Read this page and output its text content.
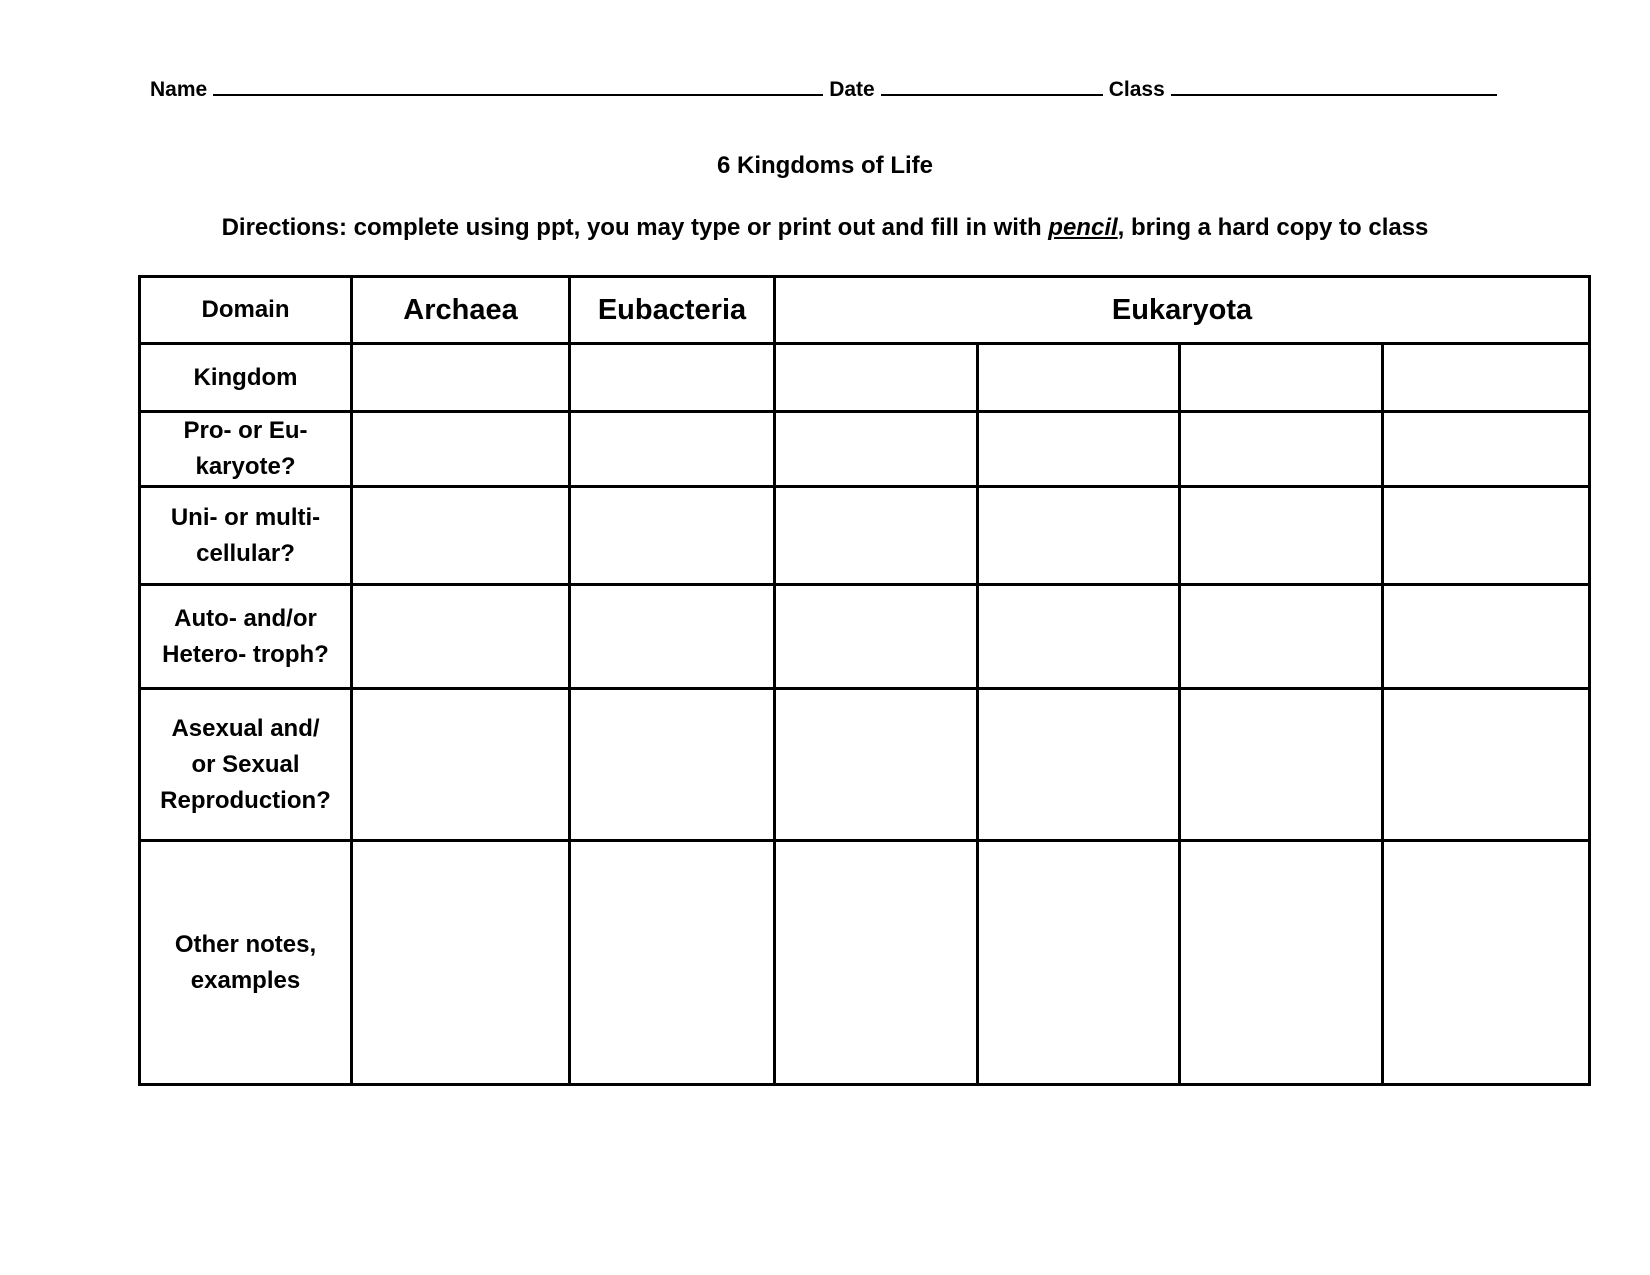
Name	Date	Class
6 Kingdoms of Life
Directions: complete using ppt, you may type or print out and fill in with pencil, bring a hard copy to class
Domain	Archaea	Eubacteria	Eukaryota			
Kingdom						

Pro- or Eu-
karyote?						

Uni- or multi-
cellular?						

Auto- and/or
Hetero- troph?						

Asexual and/
or Sexual
Reproduction?						

Other notes,
examples						
